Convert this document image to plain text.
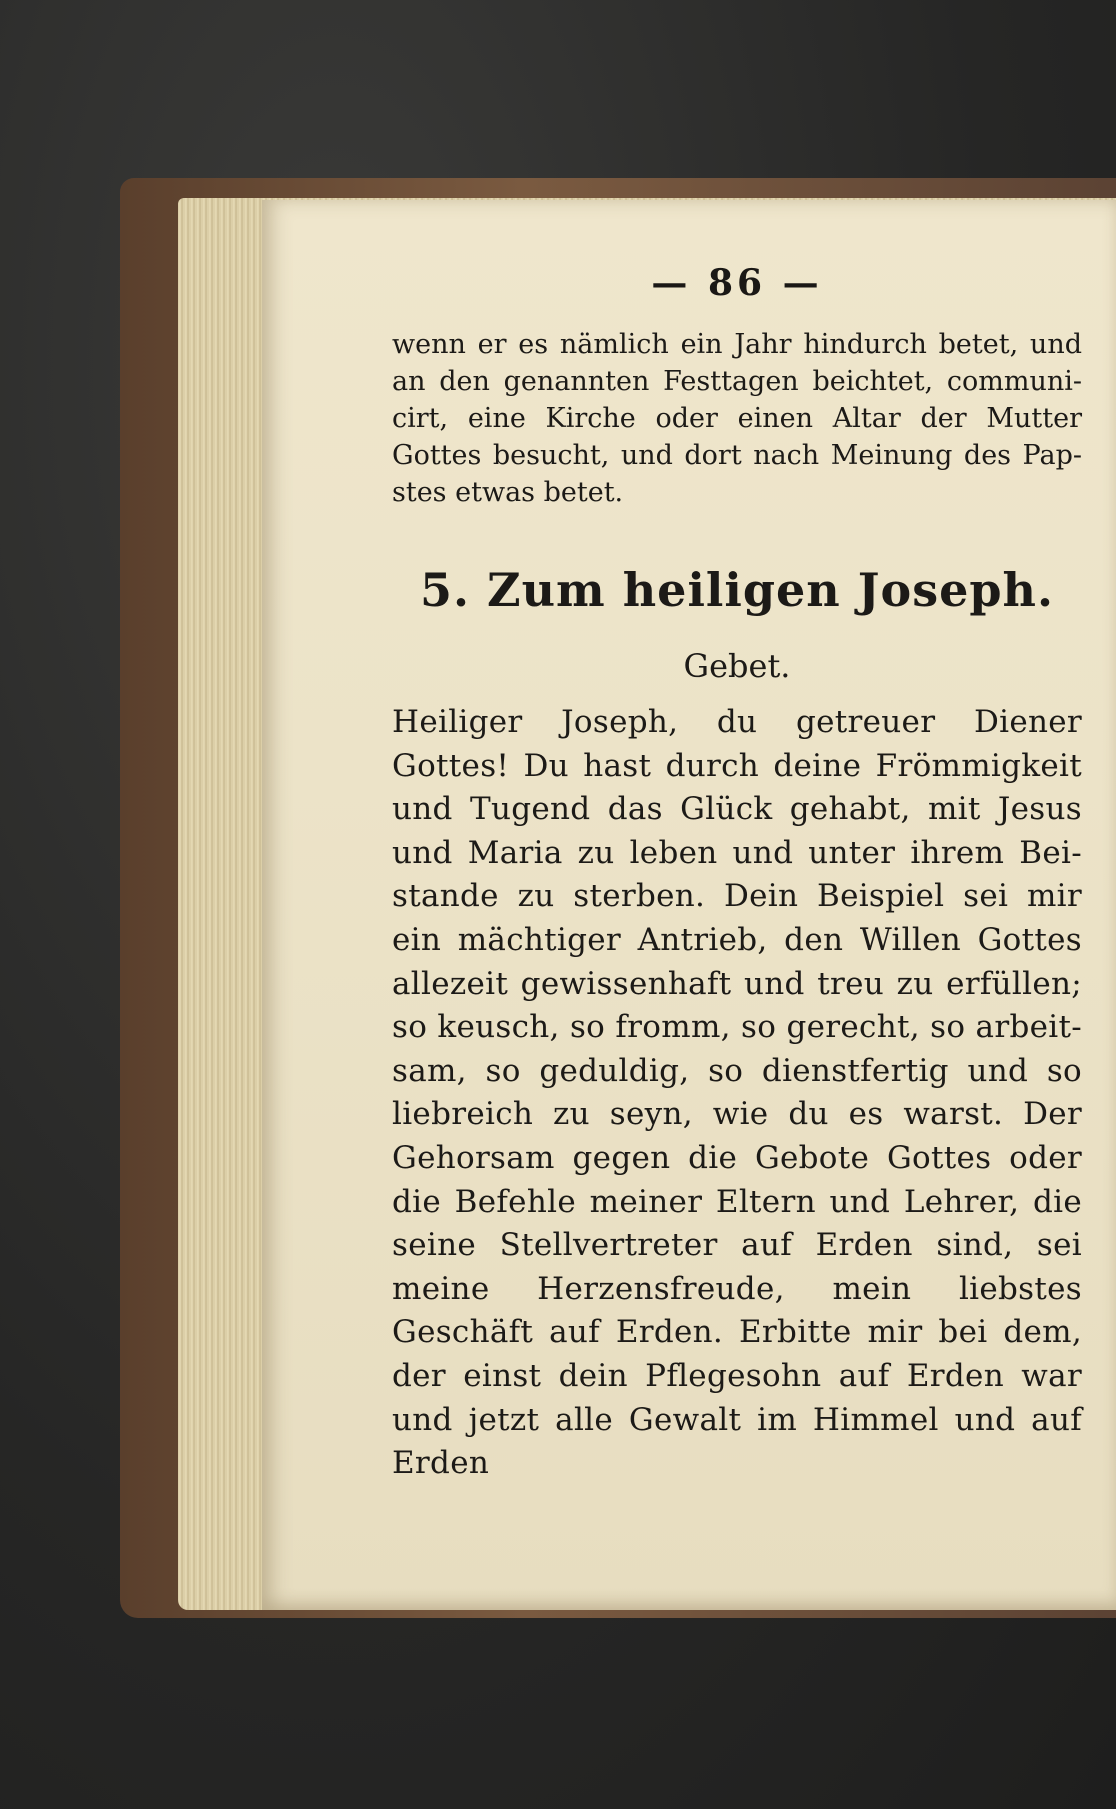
— 86 —

wenn er es nämlich ein Jahr hindurch betet, und an den genannten Festtagen beichtet, communi-cirt, eine Kirche oder einen Altar der Mutter Gottes besucht, und dort nach Meinung des Pap-stes etwas betet.

5. Zum heiligen Joseph.
Gebet.

Heiliger Joseph, du getreuer Diener Gottes! Du hast durch deine Frömmigkeit und Tugend das Glück gehabt, mit Jesus und Maria zu leben und unter ihrem Bei-stande zu sterben. Dein Beispiel sei mir ein mächtiger Antrieb, den Willen Gottes allezeit gewissenhaft und treu zu erfüllen; so keusch, so fromm, so gerecht, so arbeit-sam, so geduldig, so dienstfertig und so liebreich zu seyn, wie du es warst. Der Gehorsam gegen die Gebote Gottes oder die Befehle meiner Eltern und Lehrer, die seine Stellvertreter auf Erden sind, sei meine Herzensfreude, mein liebstes Geschäft auf Erden. Erbitte mir bei dem, der einst dein Pflegesohn auf Erden war und jetzt alle Gewalt im Himmel und auf Erden
